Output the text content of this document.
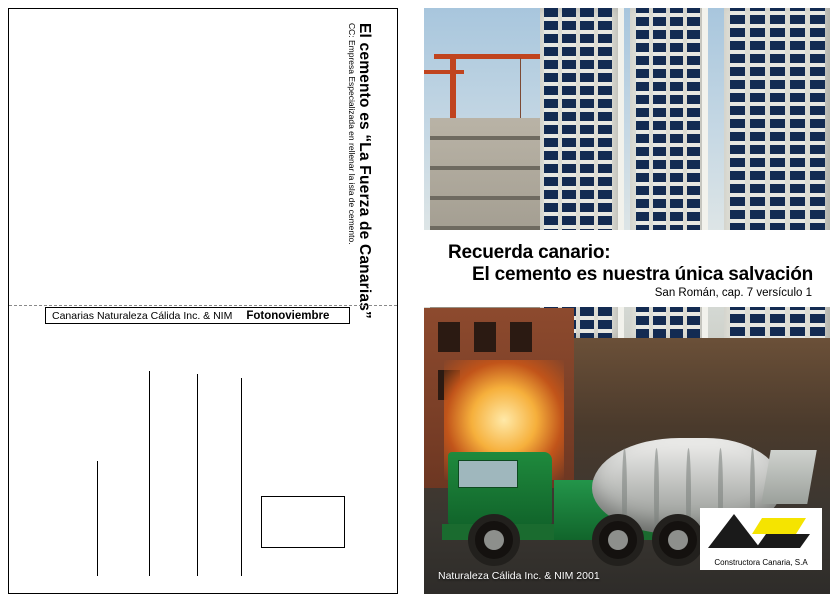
El cemento es “La Fuerza de Canarias”
CC: Empresa Especializada en rellenar la isla de cemento.
Canarias Naturaleza Cálida Inc. & NIM Fotonoviembre
Recuerda canario:
El cemento es nuestra única salvación
San Román, cap. 7 versículo 1
Naturaleza Cálida Inc. & NIM 2001
Constructora Canaria, S.A
